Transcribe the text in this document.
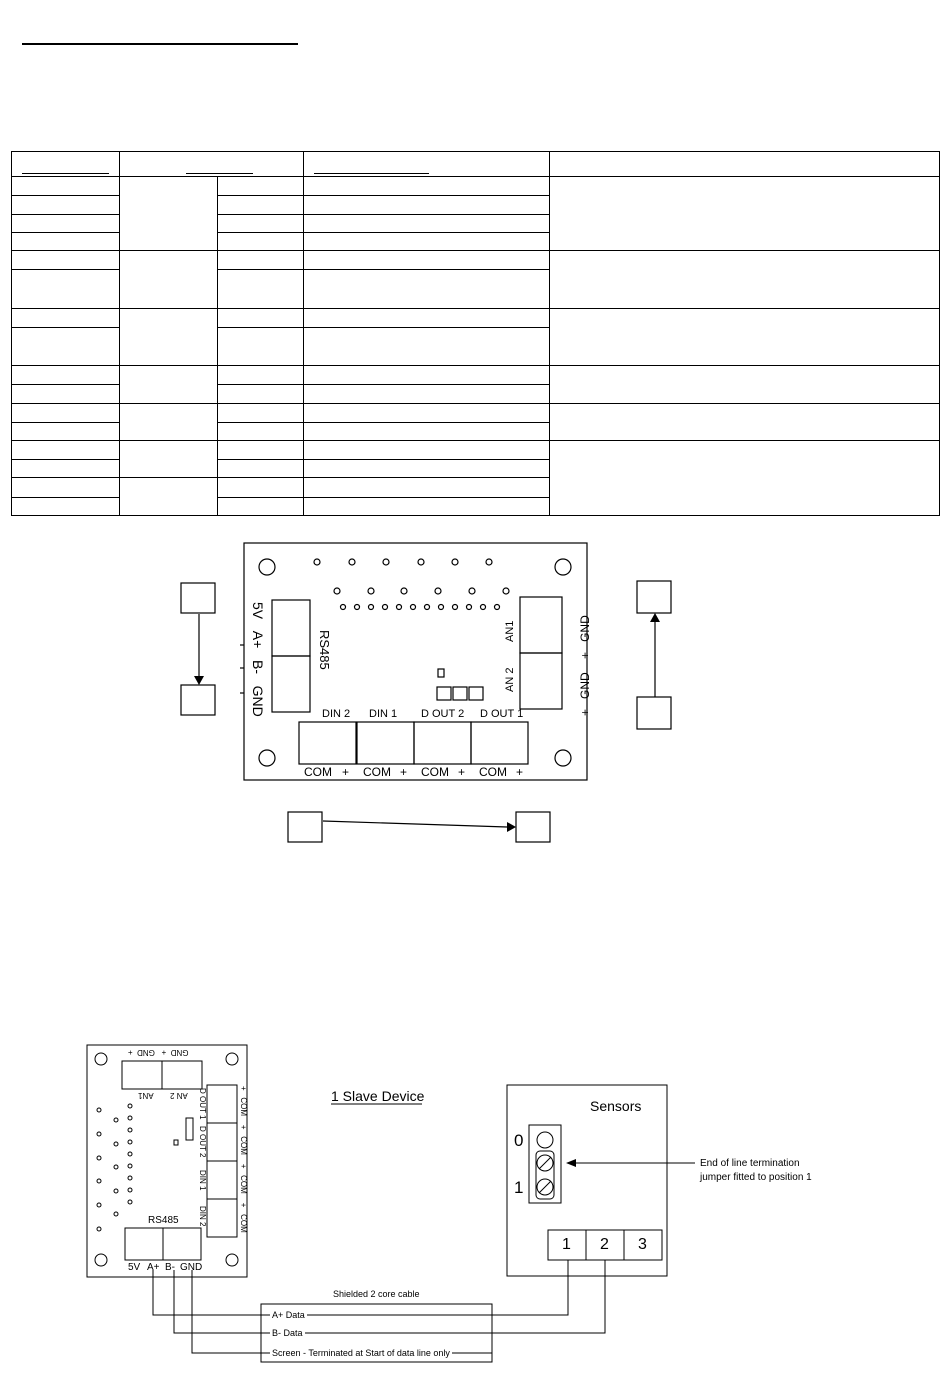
5V   A+   B-   GND
RS485
+   GND    +   GND
AN1
AN 2
DIN 2 DIN 1 D OUT 2 D OUT 1
COM + COM + COM + COM +
1 Slave Device
RS485
5V A+ B- GND
GND  +   GND  +
AN1 AN 2 D OUT 1
D OUT 2
DIN 1
DIN 2
+   COM    +   COM    +   COM    +   COM
Sensors
0
1
End of line termination
jumper fitted to position 1
1 2 3
Shielded 2 core cable
A+ Data
B- Data
Screen - Terminated at Start of data line only
